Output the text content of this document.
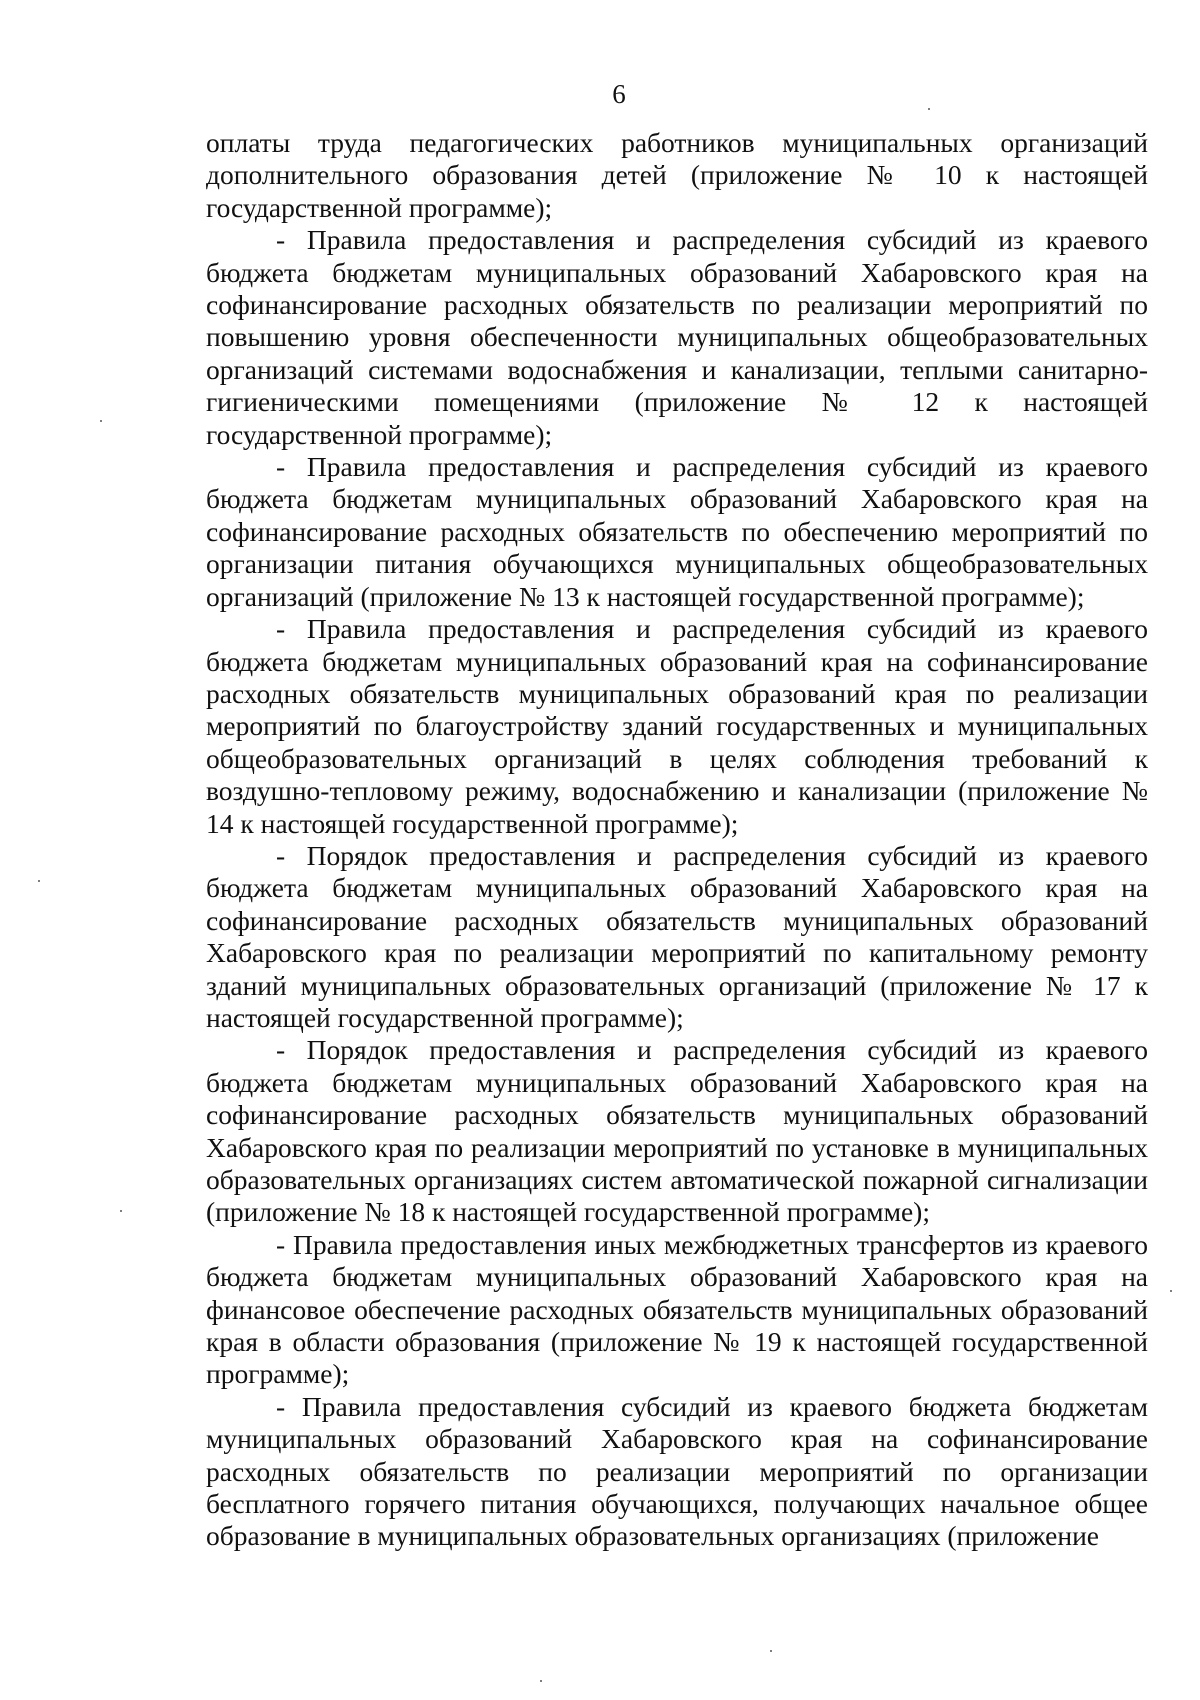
6

оплаты труда педагогических работников муниципальных организаций дополнительного образования детей (приложение № 10 к настоящей государственной программе);

- Правила предоставления и распределения субсидий из краевого бюджета бюджетам муниципальных образований Хабаровского края на софинансирование расходных обязательств по реализации мероприятий по повышению уровня обеспеченности муниципальных общеобразовательных организаций системами водоснабжения и канализации, теплыми санитарно-гигиеническими помещениями (приложение № 12 к настоящей государственной программе);

- Правила предоставления и распределения субсидий из краевого бюджета бюджетам муниципальных образований Хабаровского края на софинансирование расходных обязательств по обеспечению мероприятий по организации питания обучающихся муниципальных общеобразовательных организаций (приложение № 13 к настоящей государственной программе);

- Правила предоставления и распределения субсидий из краевого бюджета бюджетам муниципальных образований края на софинансирование расходных обязательств муниципальных образований края по реализации мероприятий по благоустройству зданий государственных и муниципальных общеобразовательных организаций в целях соблюдения требований к воздушно-тепловому режиму, водоснабжению и канализации (приложение № 14 к настоящей государственной программе);

- Порядок предоставления и распределения субсидий из краевого бюджета бюджетам муниципальных образований Хабаровского края на софинансирование расходных обязательств муниципальных образований Хабаровского края по реализации мероприятий по капитальному ремонту зданий муниципальных образовательных организаций (приложение № 17 к настоящей государственной программе);

- Порядок предоставления и распределения субсидий из краевого бюджета бюджетам муниципальных образований Хабаровского края на софинансирование расходных обязательств муниципальных образований Хабаровского края по реализации мероприятий по установке в муниципальных образовательных организациях систем автоматической пожарной сигнализации (приложение № 18 к настоящей государственной программе);

- Правила предоставления иных межбюджетных трансфертов из краевого бюджета бюджетам муниципальных образований Хабаровского края на финансовое обеспечение расходных обязательств муниципальных образований края в области образования (приложение № 19 к настоящей государственной программе);

- Правила предоставления субсидий из краевого бюджета бюджетам муниципальных образований Хабаровского края на софинансирование расходных обязательств по реализации мероприятий по организации бесплатного горячего питания обучающихся, получающих начальное общее образование в муниципальных образовательных организациях (приложение
